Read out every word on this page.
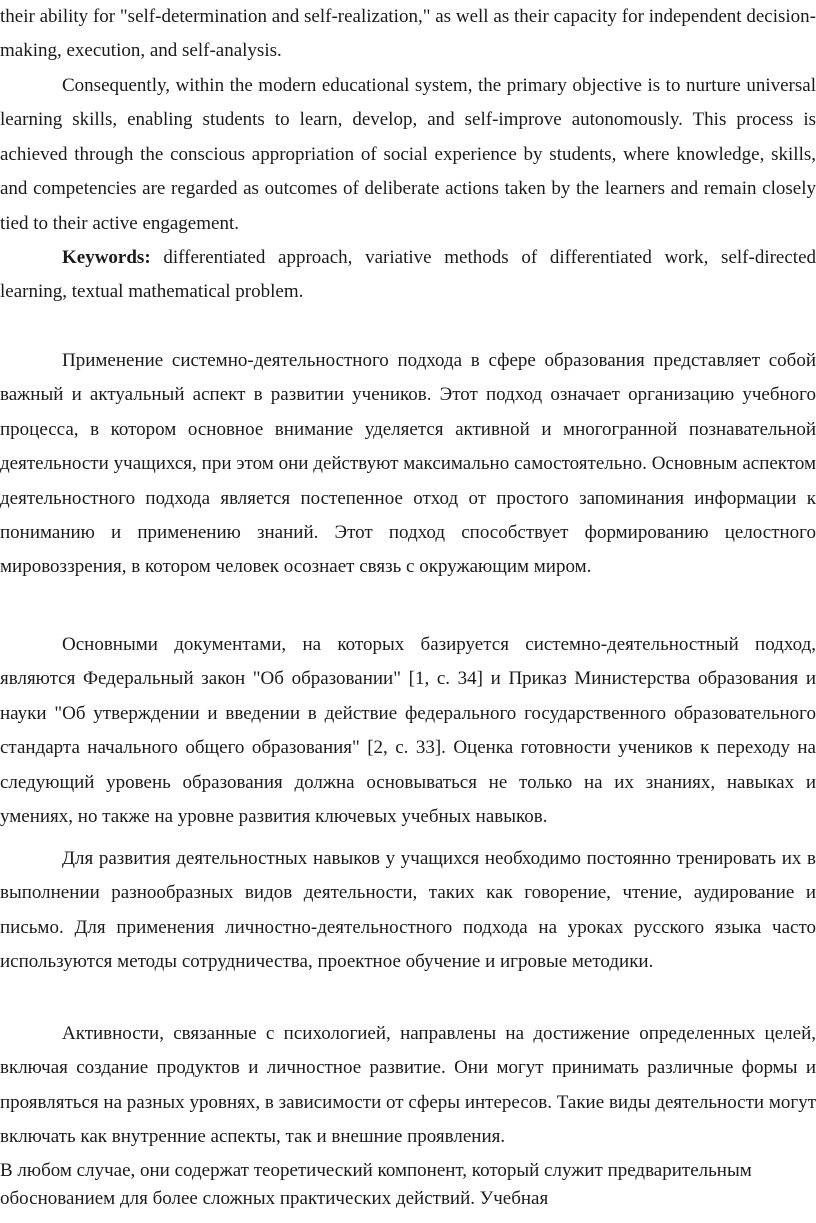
their ability for "self-determination and self-realization," as well as their capacity for independent decision-making, execution, and self-analysis.

Consequently, within the modern educational system, the primary objective is to nurture universal learning skills, enabling students to learn, develop, and self-improve autonomously. This process is achieved through the conscious appropriation of social experience by students, where knowledge, skills, and competencies are regarded as outcomes of deliberate actions taken by the learners and remain closely tied to their active engagement.

Keywords: differentiated approach, variative methods of differentiated work, self-directed learning, textual mathematical problem.

Применение системно-деятельностного подхода в сфере образования представляет собой важный и актуальный аспект в развитии учеников. Этот подход означает организацию учебного процесса, в котором основное внимание уделяется активной и многогранной познавательной деятельности учащихся, при этом они действуют максимально самостоятельно. Основным аспектом деятельностного подхода является постепенное отход от простого запоминания информации к пониманию и применению знаний. Этот подход способствует формированию целостного мировоззрения, в котором человек осознает связь с окружающим миром.

Основными документами, на которых базируется системно-деятельностный подход, являются Федеральный закон "Об образовании" [1, с. 34] и Приказ Министерства образования и науки "Об утверждении и введении в действие федерального государственного образовательного стандарта начального общего образования" [2, с. 33]. Оценка готовности учеников к переходу на следующий уровень образования должна основываться не только на их знаниях, навыках и умениях, но также на уровне развития ключевых учебных навыков.

Для развития деятельностных навыков у учащихся необходимо постоянно тренировать их в выполнении разнообразных видов деятельности, таких как говорение, чтение, аудирование и письмо. Для применения личностно-деятельностного подхода на уроках русского языка часто используются методы сотрудничества, проектное обучение и игровые методики.

Активности, связанные с психологией, направлены на достижение определенных целей, включая создание продуктов и личностное развитие. Они могут принимать различные формы и проявляться на разных уровнях, в зависимости от сферы интересов. Такие виды деятельности могут включать как внутренние аспекты, так и внешние проявления.

В любом случае, они содержат теоретический компонент, который служит предварительным
обоснованием для более сложных практических действий. Учебная
